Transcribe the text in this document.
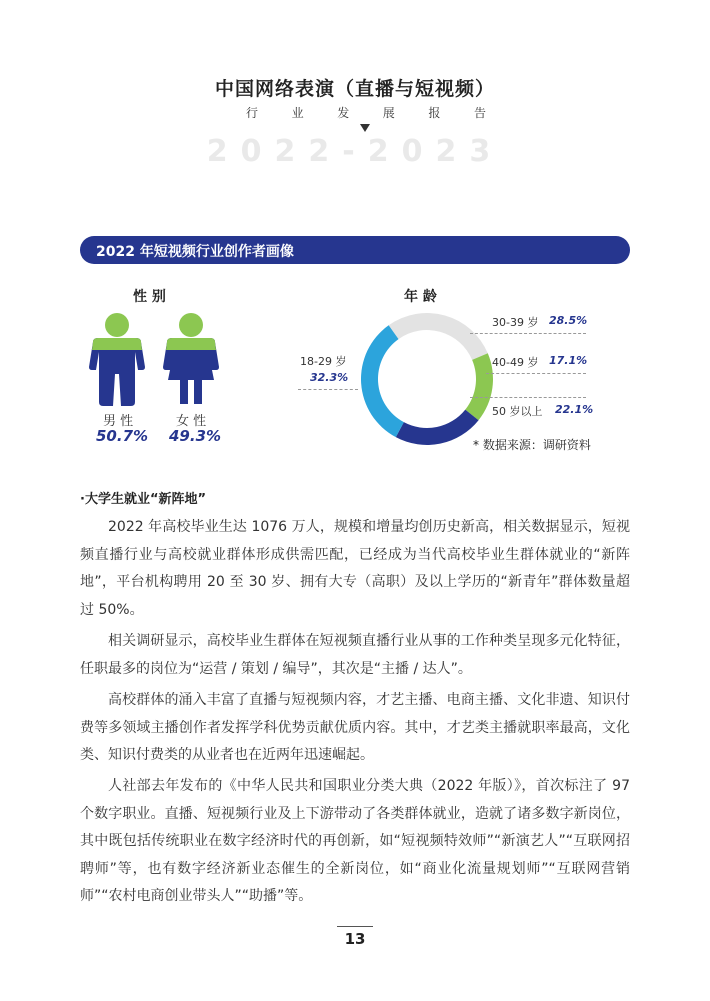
中国网络表演（直播与短视频）
行	业	发	展	报	告
2022-2023
2022 年短视频行业创作者画像
性 别
男 性
50.7%
女 性
49.3%
年 龄
30-39 岁 28.5%
40-49 岁 17.1%
50 岁以上 22.1%
18-29 岁
32.3%
* 数据来源：调研资料
·大学生就业“新阵地”

2022 年高校毕业生达 1076 万人，规模和增量均创历史新高，相关数据显示，短视频直播行业与高校就业群体形成供需匹配，已经成为当代高校毕业生群体就业的“新阵地”，平台机构聘用 20 至 30 岁、拥有大专（高职）及以上学历的“新青年”群体数量超过 50%。

相关调研显示，高校毕业生群体在短视频直播行业从事的工作种类呈现多元化特征，任职最多的岗位为“运营 / 策划 / 编导”，其次是“主播 / 达人”。

高校群体的涌入丰富了直播与短视频内容，才艺主播、电商主播、文化非遗、知识付费等多领域主播创作者发挥学科优势贡献优质内容。其中，才艺类主播就职率最高，文化类、知识付费类的从业者也在近两年迅速崛起。

人社部去年发布的《中华人民共和国职业分类大典（2022 年版）》，首次标注了 97 个数字职业。直播、短视频行业及上下游带动了各类群体就业，造就了诸多数字新岗位，其中既包括传统职业在数字经济时代的再创新，如“短视频特效师”“新演艺人”“互联网招聘师”等，也有数字经济新业态催生的全新岗位，如“商业化流量规划师”“互联网营销师”“农村电商创业带头人”“助播”等。

13
